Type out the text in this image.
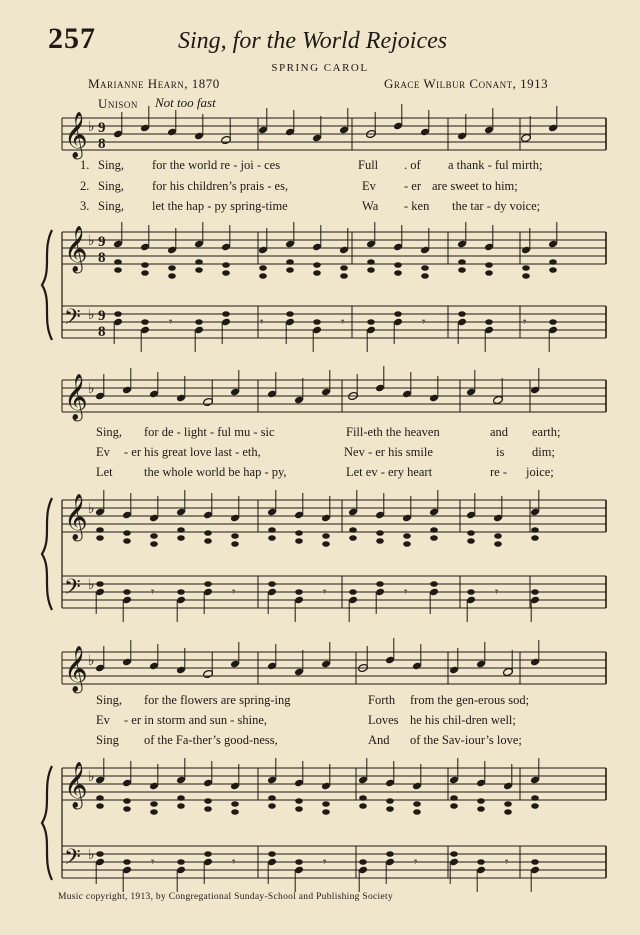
257	Sing, for the World Rejoices
SPRING CAROL
Marianne Hearn, 1870	Grace Wilbur Conant, 1913
Unison Not too fast
𝄞 ♭ 9
8
𝄞 ♭ 9
8
𝄢 ♭ 9
8
𝄾	𝄾	𝄾	𝄾	𝄾
𝄞 ♭
𝄞 ♭
𝄢 ♭	𝄾	𝄾	𝄾	𝄾	𝄾
𝄞 ♭
𝄞 ♭
𝄢 ♭	𝄾	𝄾	𝄾	𝄾	𝄾
1. Sing, for the world re - joi - ces	Full . of a thank - ful mirth;
2. Sing, for his children’s prais - es,	Ev - er are sweet to him;
3. Sing, let the hap - py spring-time	Wa - ken the tar - dy voice;
Sing, for de - light - ful mu - sic	Fill-eth the heaven	and earth;
Ev - er his great love last - eth,	Nev - er his smile	is dim;
Let	the whole world be hap - py,	Let ev - ery heart	re - joice;
Sing, for the flowers are spring-ing	Forth from the gen-erous sod;
Ev - er in storm and sun - shine,	Loves he his chil-dren well;
Sing of the Fa-ther’s good-ness,	And of the Sav-iour’s love;
Music copyright, 1913, by Congregational Sunday-School and Publishing Society
